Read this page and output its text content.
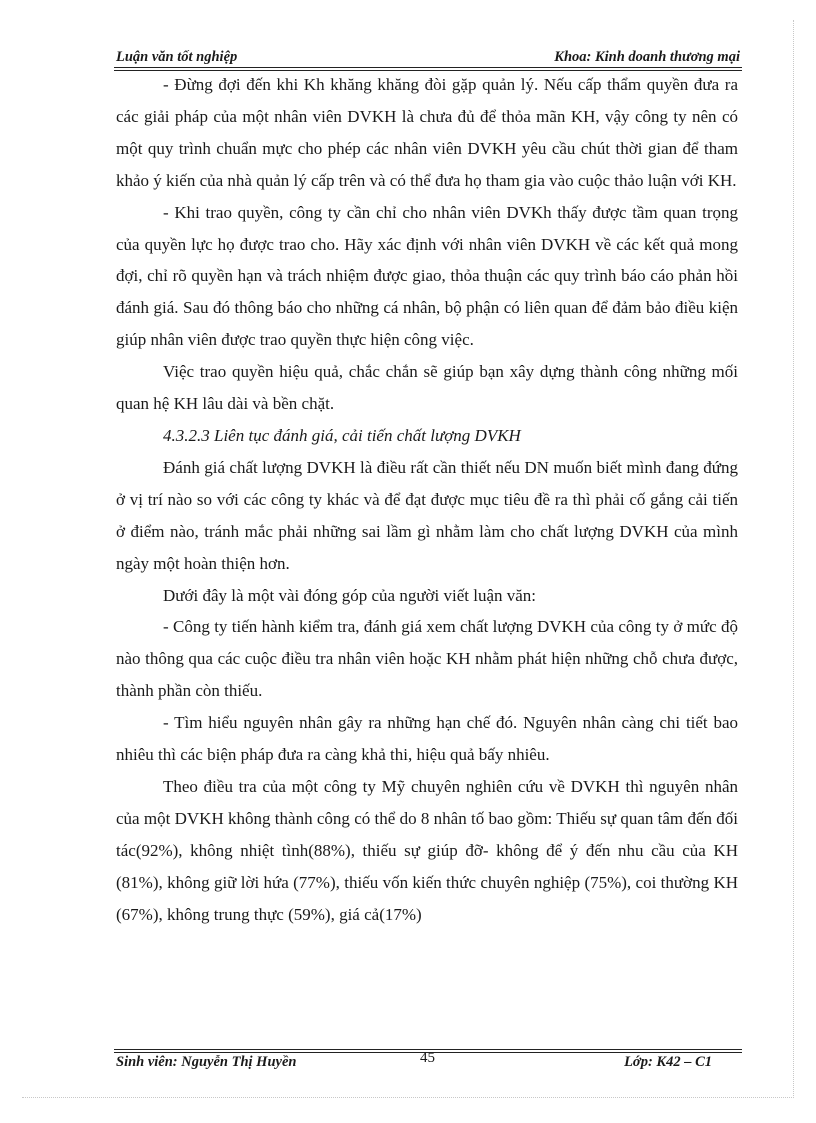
Luận văn tốt nghiệp	Khoa: Kinh doanh thương mại

- Đừng đợi đến khi Kh khăng khăng đòi gặp quản lý. Nếu cấp thẩm quyền đưa ra các giải pháp của một nhân viên DVKH là chưa đủ để thỏa mãn KH, vậy công ty nên có một quy trình chuẩn mực cho phép các nhân viên DVKH yêu cầu chút thời gian để tham khảo ý kiến của nhà quản lý cấp trên và có thể đưa họ tham gia vào cuộc thảo luận với KH.

- Khi trao quyền, công ty cần chỉ cho nhân viên DVKh thấy được tầm quan trọng của quyền lực họ được trao cho. Hãy xác định với nhân viên DVKH về các kết quả mong đợi, chỉ rõ quyền hạn và trách nhiệm được giao, thỏa thuận các quy trình báo cáo phản hồi đánh giá. Sau đó thông báo cho những cá nhân, bộ phận có liên quan để đảm bảo điều kiện giúp nhân viên được trao quyền thực hiện công việc.

Việc trao quyền hiệu quả, chắc chắn sẽ giúp bạn xây dựng thành công những mối quan hệ KH lâu dài và bền chặt.

4.3.2.3 Liên tục đánh giá, cải tiến chất lượng DVKH

Đánh giá chất lượng DVKH là điều rất cần thiết nếu DN muốn biết mình đang đứng ở vị trí nào so với các công ty khác và để đạt được mục tiêu đề ra thì phải cố gắng cải tiến ở điểm nào, tránh mắc phải những sai lầm gì nhằm làm cho chất lượng DVKH của mình ngày một hoàn thiện hơn.

Dưới đây là một vài đóng góp của người viết luận văn:

- Công ty tiến hành kiểm tra, đánh giá xem chất lượng DVKH của công ty ở mức độ nào thông qua các cuộc điều tra nhân viên hoặc KH nhằm phát hiện những chỗ chưa được, thành phần còn thiếu.

- Tìm hiểu nguyên nhân gây ra những hạn chế đó. Nguyên nhân càng chi tiết bao nhiêu thì các biện pháp đưa ra càng khả thi, hiệu quả bấy nhiêu.

Theo điều tra của một công ty Mỹ chuyên nghiên cứu về DVKH thì nguyên nhân của một DVKH không thành công có thể do 8 nhân tố bao gồm: Thiếu sự quan tâm đến đối tác(92%), không nhiệt tình(88%), thiếu sự giúp đỡ- không để ý đến nhu cầu của KH (81%), không giữ lời hứa (77%), thiếu vốn kiến thức chuyên nghiệp (75%), coi thường KH (67%), không trung thực (59%), giá cả(17%)

Sinh viên: Nguyễn Thị Huyền	45	Lớp: K42 – C1
